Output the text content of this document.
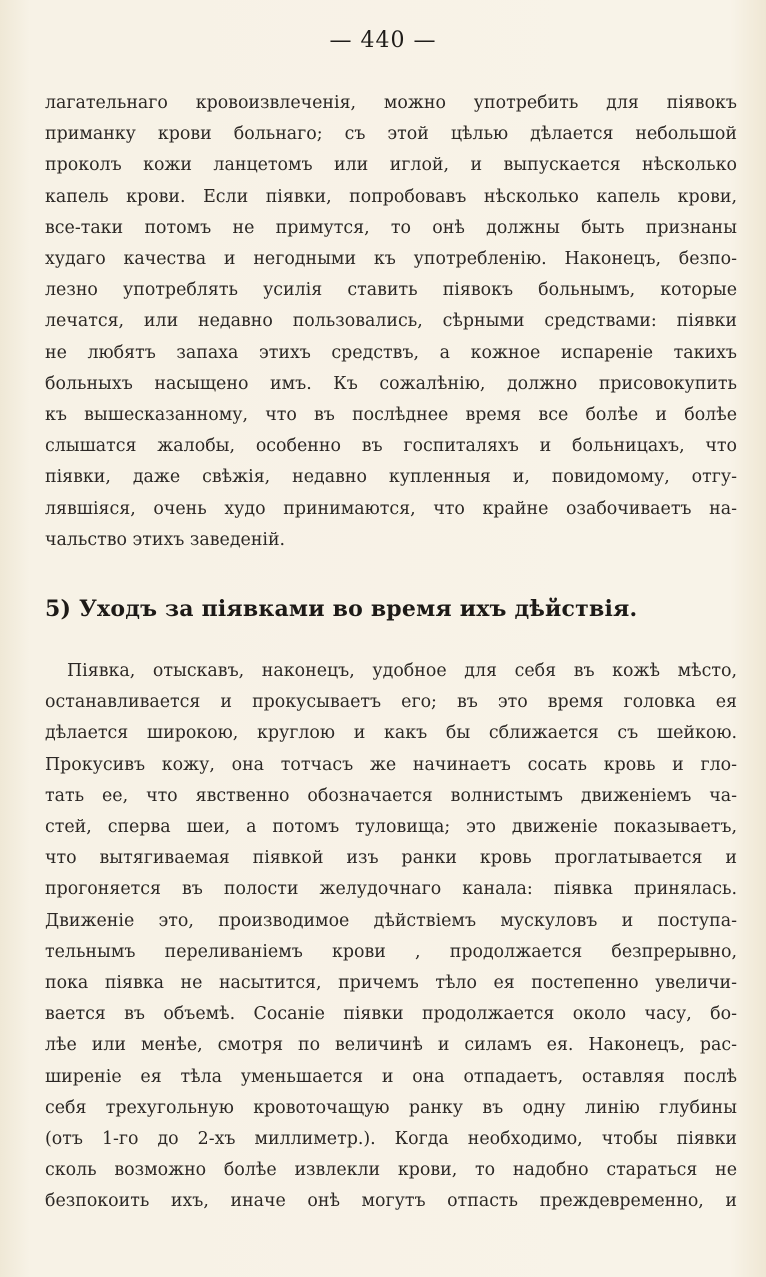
— 440 —
лагательнаго кровоизвлеченія, можно употребить для піявокъ
приманку крови больнаго; съ этой цѣлью дѣлается небольшой
проколъ кожи ланцетомъ или иглой, и выпускается нѣсколько
капель крови. Если піявки, попробовавъ нѣсколько капель крови,
все-таки потомъ не примутся, то онѣ должны быть признаны
худаго качества и негодными къ употребленію. Наконецъ, безпо-
лезно употреблять усилія ставить піявокъ больнымъ, которые
лечатся, или недавно пользовались, сѣрными средствами: піявки
не любятъ запаха этихъ средствъ, а кожное испареніе такихъ
больныхъ насыщено имъ. Къ сожалѣнію, должно присовокупить
къ вышесказанному, что въ послѣднее время все болѣе и болѣе
слышатся жалобы, особенно въ госпиталяхъ и больницахъ, что
піявки, даже свѣжія, недавно купленныя и, повидомому, отгу-
лявшіяся, очень худо принимаются, что крайне озабочиваетъ на-
чальство этихъ заведеній.
5) Уходъ за піявками во время ихъ дѣйствія.
Піявка, отыскавъ, наконецъ, удобное для себя въ кожѣ мѣсто,
останавливается и прокусываетъ его; въ это время головка ея
дѣлается широкою, круглою и какъ бы сближается съ шейкою.
Прокусивъ кожу, она тотчасъ же начинаетъ сосать кровь и гло-
тать ее, что явственно обозначается волнистымъ движеніемъ ча-
стей, сперва шеи, а потомъ туловища; это движеніе показываетъ,
что вытягиваемая піявкой изъ ранки кровь проглатывается и
прогоняется въ полости желудочнаго канала: піявка принялась.
Движеніе это, производимое дѣйствіемъ мускуловъ и поступа-
тельнымъ переливаніемъ крови , продолжается безпрерывно,
пока піявка не насытится, причемъ тѣло ея постепенно увеличи-
вается въ объемѣ. Сосаніе піявки продолжается около часу, бо-
лѣе или менѣе, смотря по величинѣ и силамъ ея. Наконецъ, рас-
ширеніе ея тѣла уменьшается и она отпадаетъ, оставляя послѣ
себя трехугольную кровоточащую ранку въ одну линію глубины
(отъ 1-го до 2-хъ миллиметр.). Когда необходимо, чтобы піявки
сколь возможно болѣе извлекли крови, то надобно стараться не
безпокоить ихъ, иначе онѣ могутъ отпасть преждевременно, и
